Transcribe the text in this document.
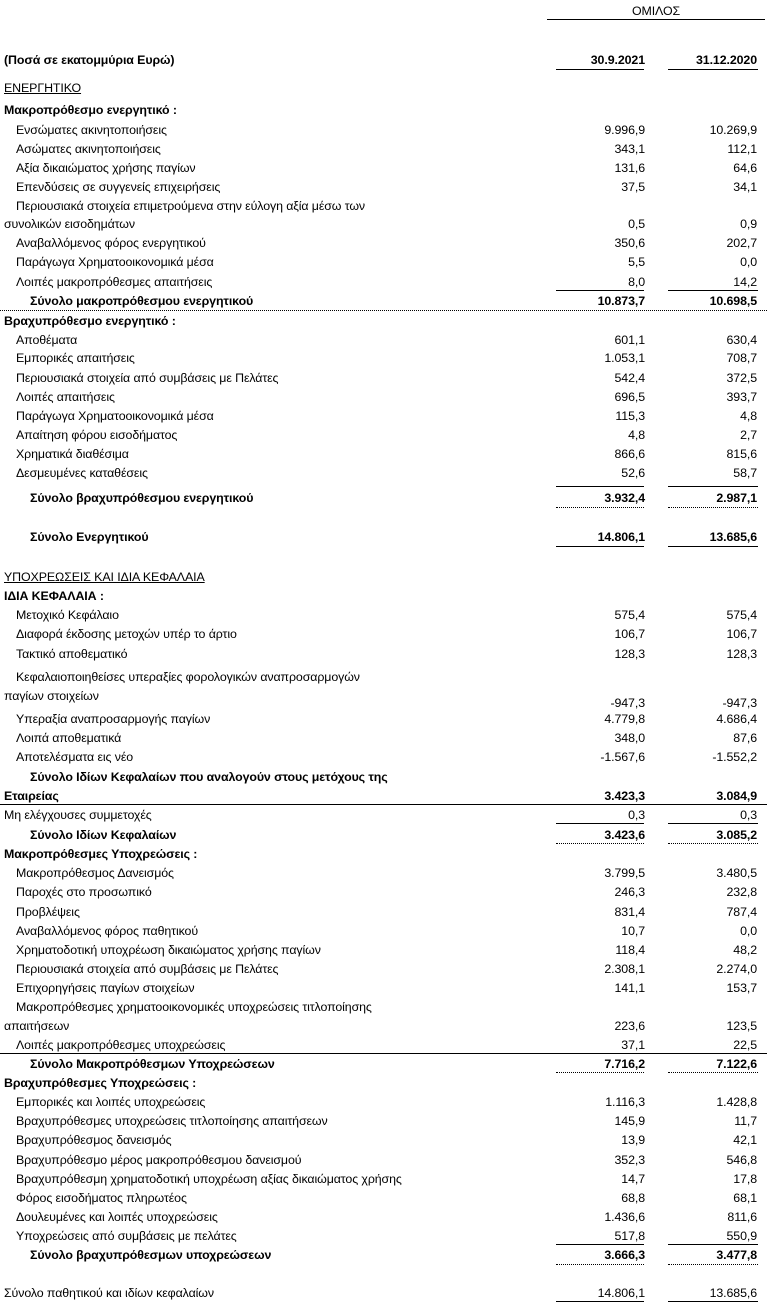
ΟΜΙΛΟΣ
(Ποσά σε εκατομμύρια Ευρώ)	30.9.2021	31.12.2020
ΕΝΕΡΓΗΤΙΚΟ
Μακροπρόθεσμο ενεργητικό :
Ενσώματες ακινητοποιήσεις	9.996,9	10.269,9
Ασώματες ακινητοποιήσεις	343,1	112,1
Αξία δικαιώματος χρήσης παγίων	131,6	64,6
Επενδύσεις σε συγγενείς επιχειρήσεις	37,5	34,1
Περιουσιακά στοιχεία επιμετρούμενα στην εύλογη αξία μέσω των
συνολικών εισοδημάτων	0,5	0,9
Αναβαλλόμενος φόρος ενεργητικού	350,6	202,7
Παράγωγα Χρηματοοικονομικά μέσα	5,5	0,0
Λοιπές μακροπρόθεσμες απαιτήσεις	8,0	14,2
Σύνολο μακροπρόθεσμου ενεργητικού	10.873,7	10.698,5
Βραχυπρόθεσμο ενεργητικό :
Αποθέματα	601,1	630,4
Εμπορικές απαιτήσεις	1.053,1	708,7
Περιουσιακά στοιχεία από συμβάσεις με Πελάτες	542,4	372,5
Λοιπές απαιτήσεις	696,5	393,7
Παράγωγα Χρηματοοικονομικά μέσα	115,3	4,8
Απαίτηση φόρου εισοδήματος	4,8	2,7
Χρηματικά διαθέσιμα	866,6	815,6
Δεσμευμένες καταθέσεις	52,6	58,7
Σύνολο βραχυπρόθεσμου ενεργητικού	3.932,4	2.987,1
Σύνολο Ενεργητικού	14.806,1	13.685,6
ΥΠΟΧΡΕΩΣΕΙΣ ΚΑΙ ΙΔΙΑ ΚΕΦΑΛΑΙΑ
ΙΔΙΑ ΚΕΦΑΛΑΙΑ :
Μετοχικό Κεφάλαιο	575,4	575,4
Διαφορά έκδοσης μετοχών υπέρ το άρτιο	106,7	106,7
Τακτικό αποθεματικό	128,3	128,3
Κεφαλαιοποιηθείσες υπεραξίες φορολογικών αναπροσαρμογών
παγίων στοιχείων	-947,3	-947,3
Υπεραξία αναπροσαρμογής παγίων	4.779,8	4.686,4
Λοιπά αποθεματικά	348,0	87,6
Αποτελέσματα εις νέο	-1.567,6	-1.552,2
Σύνολο Ιδίων Κεφαλαίων που αναλογούν στους μετόχους της
Εταιρείας	3.423,3	3.084,9
Μη ελέγχουσες συμμετοχές	0,3	0,3
Σύνολο Ιδίων Κεφαλαίων	3.423,6	3.085,2
Μακροπρόθεσμες Υποχρεώσεις :
Μακροπρόθεσμος Δανεισμός	3.799,5	3.480,5
Παροχές στο προσωπικό	246,3	232,8
Προβλέψεις	831,4	787,4
Αναβαλλόμενος φόρος παθητικού	10,7	0,0
Χρηματοδοτική υποχρέωση δικαιώματος χρήσης παγίων	118,4	48,2
Περιουσιακά στοιχεία από συμβάσεις με Πελάτες	2.308,1	2.274,0
Επιχορηγήσεις παγίων στοιχείων	141,1	153,7
Μακροπρόθεσμες χρηματοοικονομικές υποχρεώσεις τιτλοποίησης
απαιτήσεων	223,6	123,5
Λοιπές μακροπρόθεσμες υποχρεώσεις	37,1	22,5
Σύνολο Μακροπρόθεσμων Υποχρεώσεων	7.716,2	7.122,6
Βραχυπρόθεσμες Υποχρεώσεις :
Εμπορικές και λοιπές υποχρεώσεις	1.116,3	1.428,8
Βραχυπρόθεσμες υποχρεώσεις τιτλοποίησης απαιτήσεων	145,9	11,7
Βραχυπρόθεσμος δανεισμός	13,9	42,1
Βραχυπρόθεσμο μέρος μακροπρόθεσμου δανεισμού	352,3	546,8
Βραχυπρόθεσμη χρηματοδοτική υποχρέωση αξίας δικαιώματος χρήσης	14,7	17,8
Φόρος εισοδήματος πληρωτέος	68,8	68,1
Δουλευμένες και λοιπές υποχρεώσεις	1.436,6	811,6
Υποχρεώσεις από συμβάσεις με πελάτες	517,8	550,9
Σύνολο βραχυπρόθεσμων υποχρεώσεων	3.666,3	3.477,8
Σύνολο παθητικού και ιδίων κεφαλαίων	14.806,1	13.685,6
